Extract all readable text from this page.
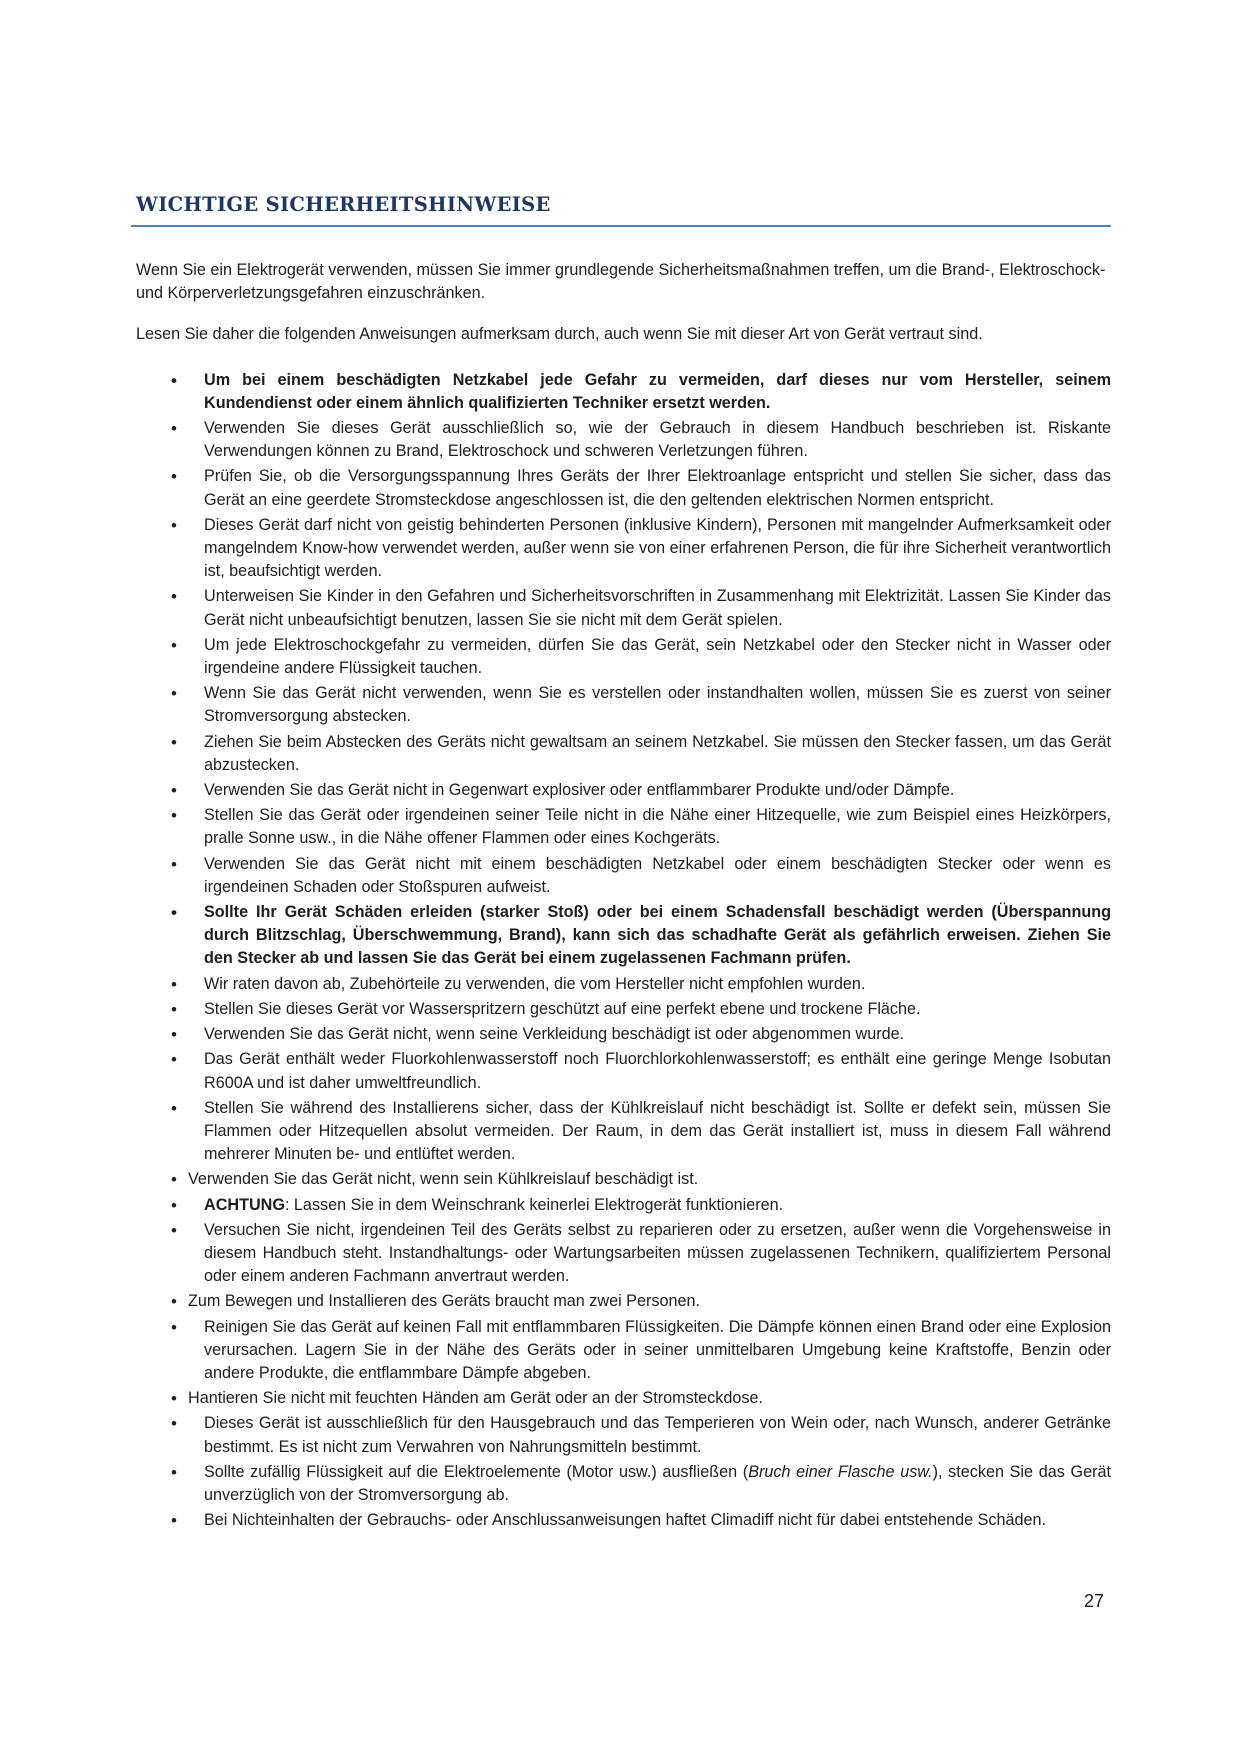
WICHTIGE SICHERHEITSHINWEISE

Wenn Sie ein Elektrogerät verwenden, müssen Sie immer grundlegende Sicherheitsmaßnahmen treffen, um die Brand-, Elektroschock- und Körperverletzungsgefahren einzuschränken.

Lesen Sie daher die folgenden Anweisungen aufmerksam durch, auch wenn Sie mit dieser Art von Gerät vertraut sind.

• Um bei einem beschädigten Netzkabel jede Gefahr zu vermeiden, darf dieses nur vom Hersteller, seinem Kundendienst oder einem ähnlich qualifizierten Techniker ersetzt werden.
• Verwenden Sie dieses Gerät ausschließlich so, wie der Gebrauch in diesem Handbuch beschrieben ist. Riskante Verwendungen können zu Brand, Elektroschock und schweren Verletzungen führen.
• Prüfen Sie, ob die Versorgungsspannung Ihres Geräts der Ihrer Elektroanlage entspricht und stellen Sie sicher, dass das Gerät an eine geerdete Stromsteckdose angeschlossen ist, die den geltenden elektrischen Normen entspricht.
• Dieses Gerät darf nicht von geistig behinderten Personen (inklusive Kindern), Personen mit mangelnder Aufmerksamkeit oder mangelndem Know-how verwendet werden, außer wenn sie von einer erfahrenen Person, die für ihre Sicherheit verantwortlich ist, beaufsichtigt werden.
• Unterweisen Sie Kinder in den Gefahren und Sicherheitsvorschriften in Zusammenhang mit Elektrizität. Lassen Sie Kinder das Gerät nicht unbeaufsichtigt benutzen, lassen Sie sie nicht mit dem Gerät spielen.
• Um jede Elektroschockgefahr zu vermeiden, dürfen Sie das Gerät, sein Netzkabel oder den Stecker nicht in Wasser oder irgendeine andere Flüssigkeit tauchen.
• Wenn Sie das Gerät nicht verwenden, wenn Sie es verstellen oder instandhalten wollen, müssen Sie es zuerst von seiner Stromversorgung abstecken.
• Ziehen Sie beim Abstecken des Geräts nicht gewaltsam an seinem Netzkabel. Sie müssen den Stecker fassen, um das Gerät abzustecken.
• Verwenden Sie das Gerät nicht in Gegenwart explosiver oder entflammbarer Produkte und/oder Dämpfe.
• Stellen Sie das Gerät oder irgendeinen seiner Teile nicht in die Nähe einer Hitzequelle, wie zum Beispiel eines Heizkörpers, pralle Sonne usw., in die Nähe offener Flammen oder eines Kochgeräts.
• Verwenden Sie das Gerät nicht mit einem beschädigten Netzkabel oder einem beschädigten Stecker oder wenn es irgendeinen Schaden oder Stoßspuren aufweist.
• Sollte Ihr Gerät Schäden erleiden (starker Stoß) oder bei einem Schadensfall beschädigt werden (Überspannung durch Blitzschlag, Überschwemmung, Brand), kann sich das schadhafte Gerät als gefährlich erweisen. Ziehen Sie den Stecker ab und lassen Sie das Gerät bei einem zugelassenen Fachmann prüfen.
• Wir raten davon ab, Zubehörteile zu verwenden, die vom Hersteller nicht empfohlen wurden.
• Stellen Sie dieses Gerät vor Wasserspritzern geschützt auf eine perfekt ebene und trockene Fläche.
• Verwenden Sie das Gerät nicht, wenn seine Verkleidung beschädigt ist oder abgenommen wurde.
• Das Gerät enthält weder Fluorkohlenwasserstoff noch Fluorchlorkohlenwasserstoff; es enthält eine geringe Menge Isobutan R600A und ist daher umweltfreundlich.
• Stellen Sie während des Installierens sicher, dass der Kühlkreislauf nicht beschädigt ist. Sollte er defekt sein, müssen Sie Flammen oder Hitzequellen absolut vermeiden. Der Raum, in dem das Gerät installiert ist, muss in diesem Fall während mehrerer Minuten be- und entlüftet werden.
• Verwenden Sie das Gerät nicht, wenn sein Kühlkreislauf beschädigt ist.
• ACHTUNG: Lassen Sie in dem Weinschrank keinerlei Elektrogerät funktionieren.
• Versuchen Sie nicht, irgendeinen Teil des Geräts selbst zu reparieren oder zu ersetzen, außer wenn die Vorgehensweise in diesem Handbuch steht. Instandhaltungs- oder Wartungsarbeiten müssen zugelassenen Technikern, qualifiziertem Personal oder einem anderen Fachmann anvertraut werden.
• Zum Bewegen und Installieren des Geräts braucht man zwei Personen.
• Reinigen Sie das Gerät auf keinen Fall mit entflammbaren Flüssigkeiten. Die Dämpfe können einen Brand oder eine Explosion verursachen. Lagern Sie in der Nähe des Geräts oder in seiner unmittelbaren Umgebung keine Kraftstoffe, Benzin oder andere Produkte, die entflammbare Dämpfe abgeben.
• Hantieren Sie nicht mit feuchten Händen am Gerät oder an der Stromsteckdose.
• Dieses Gerät ist ausschließlich für den Hausgebrauch und das Temperieren von Wein oder, nach Wunsch, anderer Getränke bestimmt. Es ist nicht zum Verwahren von Nahrungsmitteln bestimmt.
• Sollte zufällig Flüssigkeit auf die Elektroelemente (Motor usw.) ausfließen (Bruch einer Flasche usw.), stecken Sie das Gerät unverzüglich von der Stromversorgung ab.
• Bei Nichteinhalten der Gebrauchs- oder Anschlussanweisungen haftet Climadiff nicht für dabei entstehende Schäden.
27
